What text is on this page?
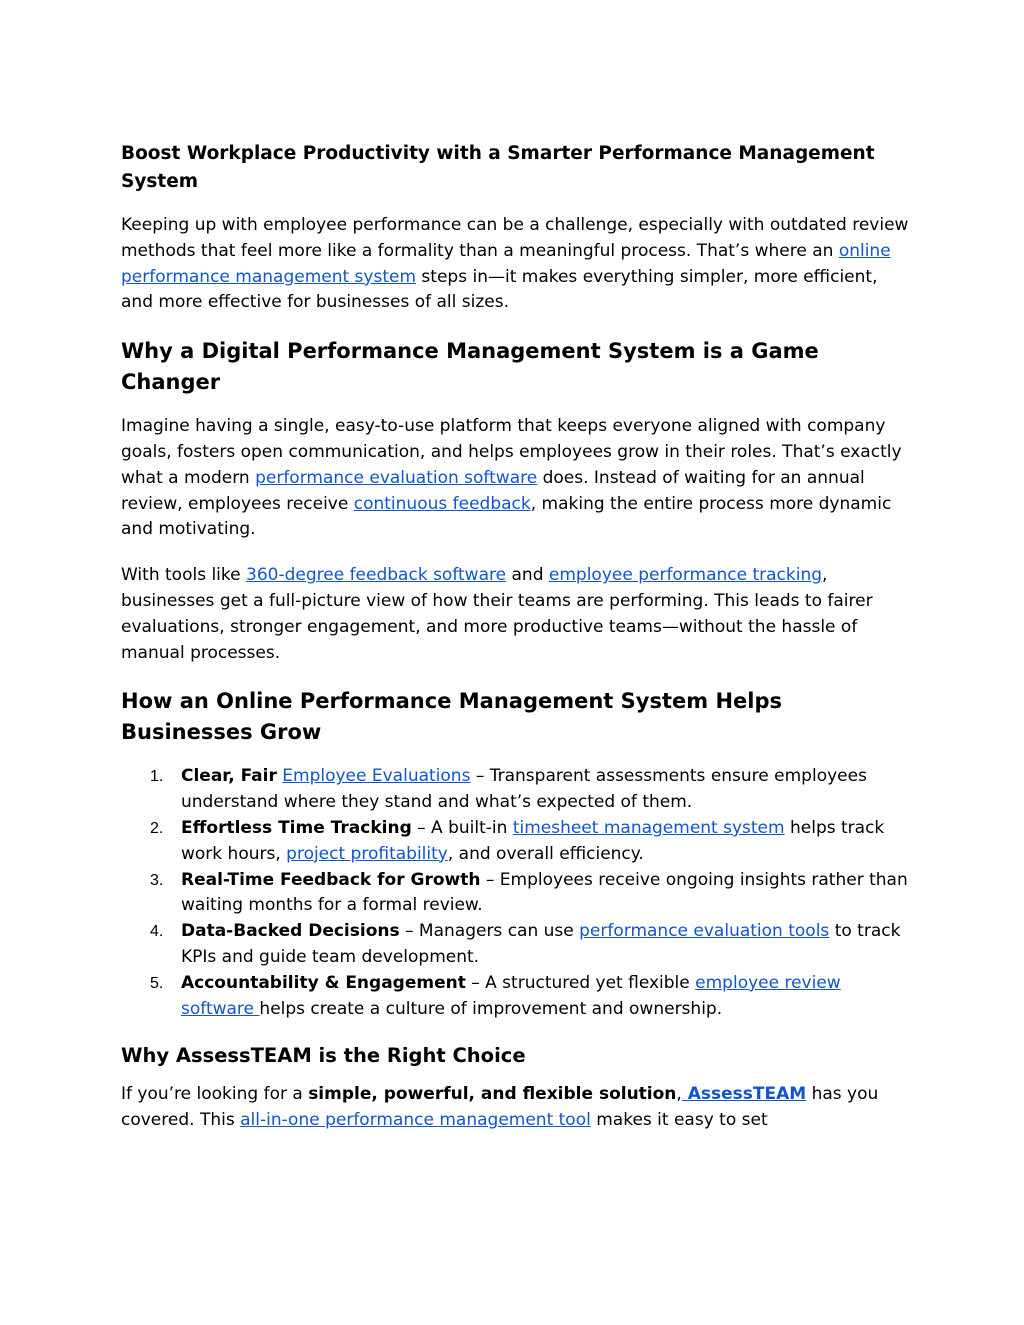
Boost Workplace Productivity with a Smarter Performance Management System

Keeping up with employee performance can be a challenge, especially with outdated review methods that feel more like a formality than a meaningful process. That’s where an online performance management system steps in—it makes everything simpler, more efficient, and more effective for businesses of all sizes.

Why a Digital Performance Management System is a Game Changer

Imagine having a single, easy-to-use platform that keeps everyone aligned with company goals, fosters open communication, and helps employees grow in their roles. That’s exactly what a modern performance evaluation software does. Instead of waiting for an annual review, employees receive continuous feedback, making the entire process more dynamic and motivating.

With tools like 360-degree feedback software and employee performance tracking, businesses get a full-picture view of how their teams are performing. This leads to fairer evaluations, stronger engagement, and more productive teams—without the hassle of manual processes.

How an Online Performance Management System Helps Businesses Grow
1. Clear, Fair Employee Evaluations – Transparent assessments ensure employees understand where they stand and what’s expected of them.
2. Effortless Time Tracking – A built-in timesheet management system helps track work hours, project profitability, and overall efficiency.
3. Real-Time Feedback for Growth – Employees receive ongoing insights rather than waiting months for a formal review.
4. Data-Backed Decisions – Managers can use performance evaluation tools to track KPIs and guide team development.
5. Accountability & Engagement – A structured yet flexible employee review software helps create a culture of improvement and ownership.
Why AssessTEAM is the Right Choice

If you’re looking for a simple, powerful, and flexible solution, AssessTEAM has you covered. This all-in-one performance management tool makes it easy to set
